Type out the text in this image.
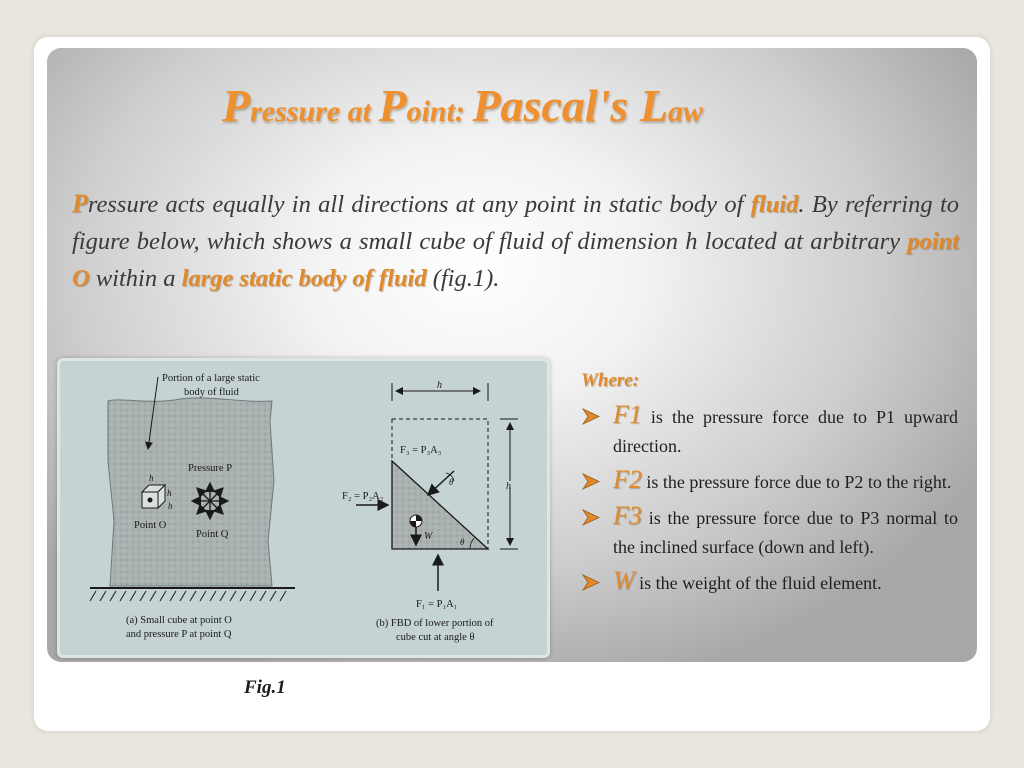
Pressure at Point: Pascal's Law

Pressure acts equally in all directions at any point in static body of fluid. By referring to figure below, which shows a small cube of fluid of dimension h located at arbitrary point O within a large static body of fluid (fig.1).

Portion of a large static
body of fluid
h
h
h
Point O
Pressure P
Point Q
(a) Small cube at point O
and pressure P at point Q
h
h
F₃ = P₃A₃
θ
F₂ = P₂A₂
W	θ
F₁ = P₁A₁
(b) FBD of lower portion of
cube cut at angle θ

Fig.1

Where:

F1 is the pressure force due to P1 upward direction.
F2 is the pressure force due to P2 to the right.
F3 is the pressure force due to P3 normal to the inclined surface (down and left).
W is the weight of the fluid element.
